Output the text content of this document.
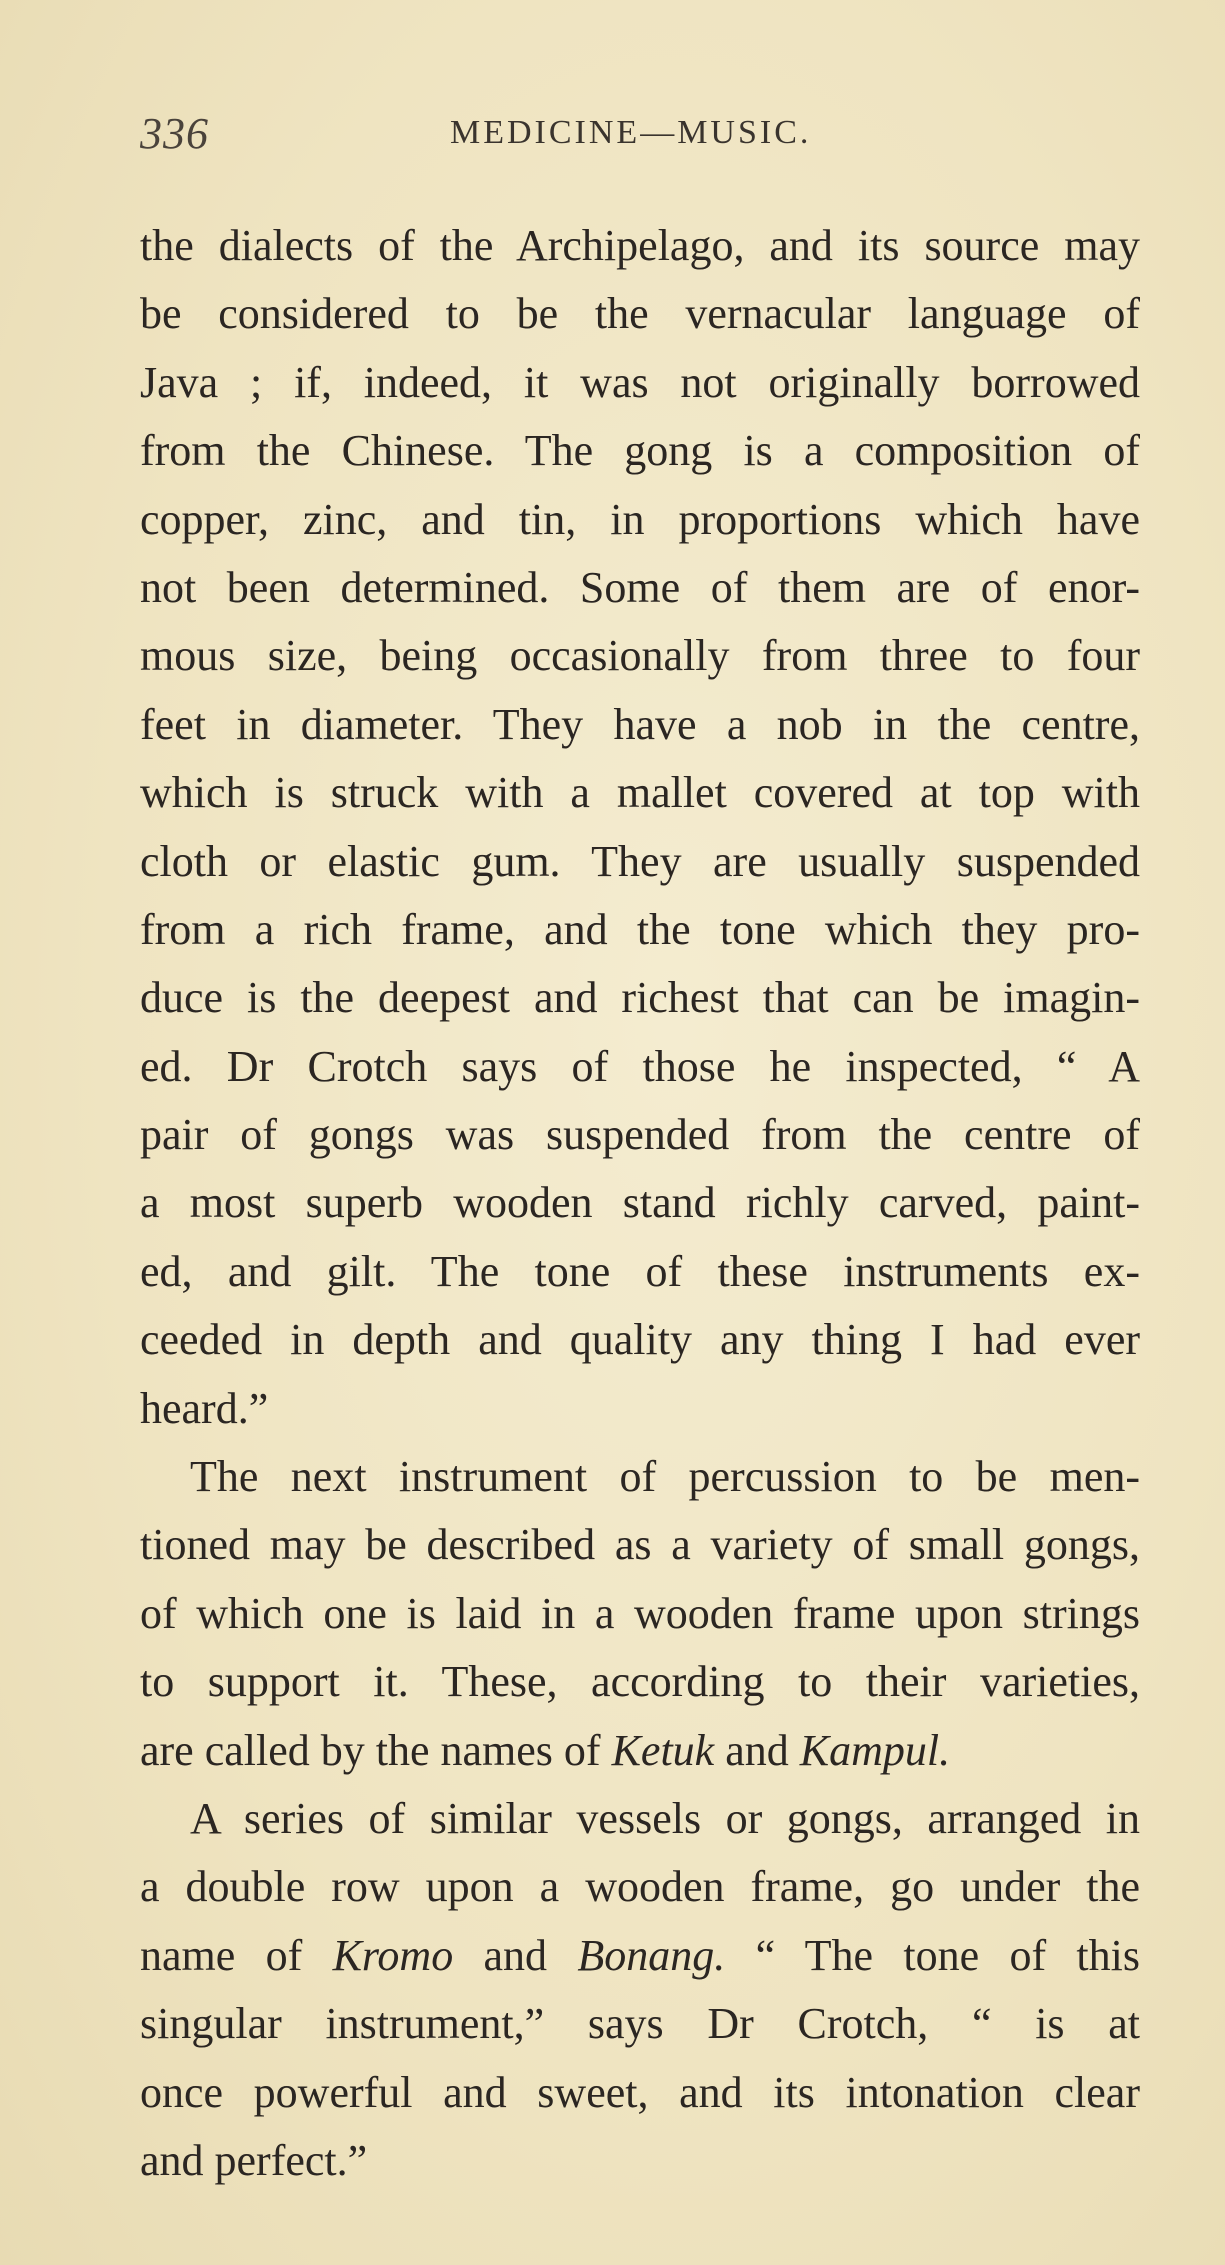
336	MEDICINE—MUSIC.
the dialects of the Archipelago, and its source may
be considered to be the vernacular language of
Java ; if, indeed, it was not originally borrowed
from the Chinese. The gong is a composition of
copper, zinc, and tin, in proportions which have
not been determined. Some of them are of enor-
mous size, being occasionally from three to four
feet in diameter. They have a nob in the centre,
which is struck with a mallet covered at top with
cloth or elastic gum. They are usually suspended
from a rich frame, and the tone which they pro-
duce is the deepest and richest that can be imagin-
ed. Dr Crotch says of those he inspected, “ A
pair of gongs was suspended from the centre of
a most superb wooden stand richly carved, paint-
ed, and gilt. The tone of these instruments ex-
ceeded in depth and quality any thing I had ever
heard.”
The next instrument of percussion to be men-
tioned may be described as a variety of small gongs,
of which one is laid in a wooden frame upon strings
to support it. These, according to their varieties,
are called by the names of Ketuk and Kampul.
A series of similar vessels or gongs, arranged in
a double row upon a wooden frame, go under the
name of Kromo and Bonang. “ The tone of this
singular instrument,” says Dr Crotch, “ is at
once powerful and sweet, and its intonation clear
and perfect.”
